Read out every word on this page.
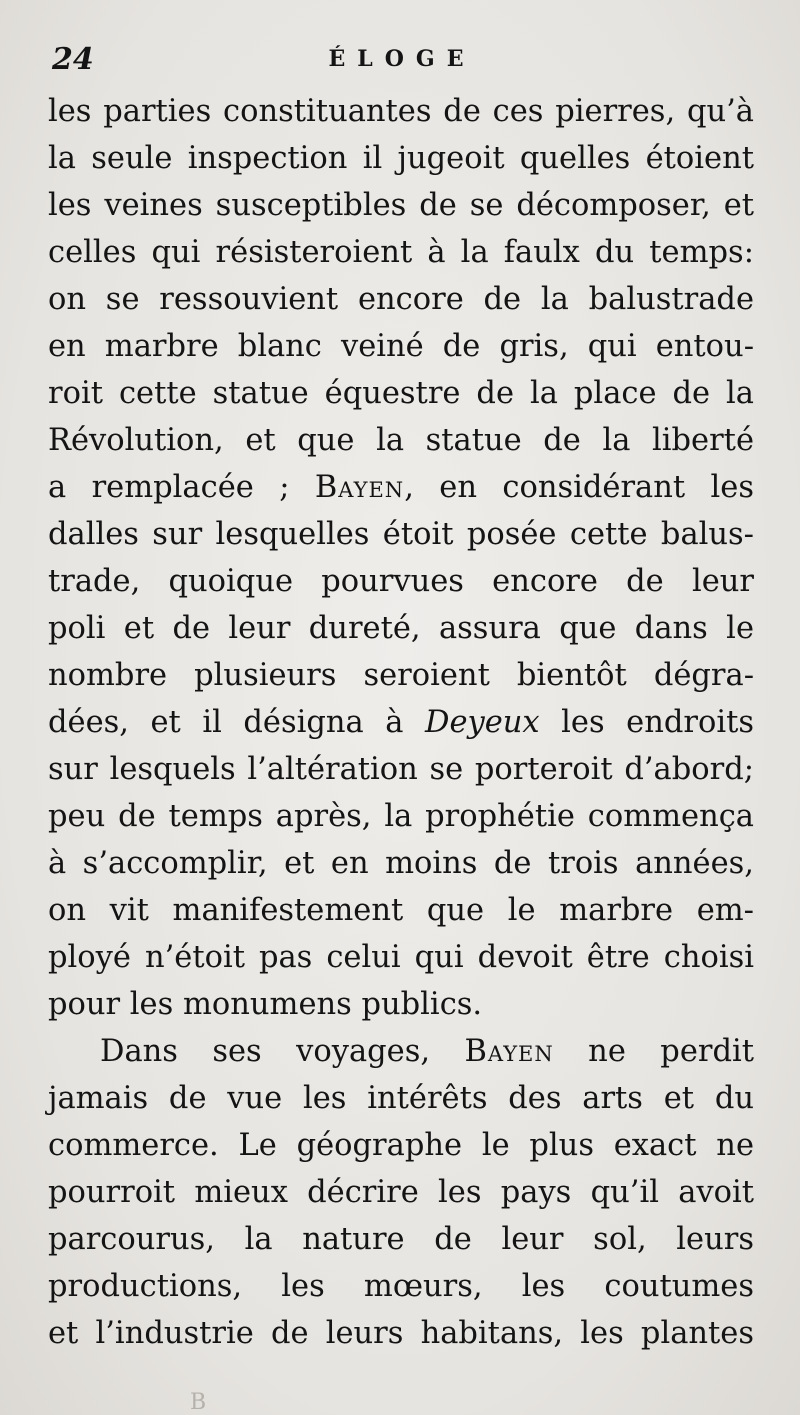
24	ÉLOGE
les parties constituantes de ces pierres, qu’à
la seule inspection il jugeoit quelles étoient
les veines susceptibles de se décomposer, et
celles qui résisteroient à la faulx du temps:
on se ressouvient encore de la balustrade
en marbre blanc veiné de gris, qui entou-
roit cette statue équestre de la place de la
Révolution, et que la statue de la liberté
a remplacée ; Bayen, en considérant les
dalles sur lesquelles étoit posée cette balus-
trade, quoique pourvues encore de leur
poli et de leur dureté, assura que dans le
nombre plusieurs seroient bientôt dégra-
dées, et il désigna à Deyeux les endroits
sur lesquels l’altération se porteroit d’abord;
peu de temps après, la prophétie commença
à s’accomplir, et en moins de trois années,
on vit manifestement que le marbre em-
ployé n’étoit pas celui qui devoit être choisi
pour les monumens publics.
Dans ses voyages, Bayen ne perdit
jamais de vue les intérêts des arts et du
commerce. Le géographe le plus exact ne
pourroit mieux décrire les pays qu’il avoit
parcourus, la nature de leur sol, leurs
productions, les mœurs, les coutumes
et l’industrie de leurs habitans, les plantes
B
